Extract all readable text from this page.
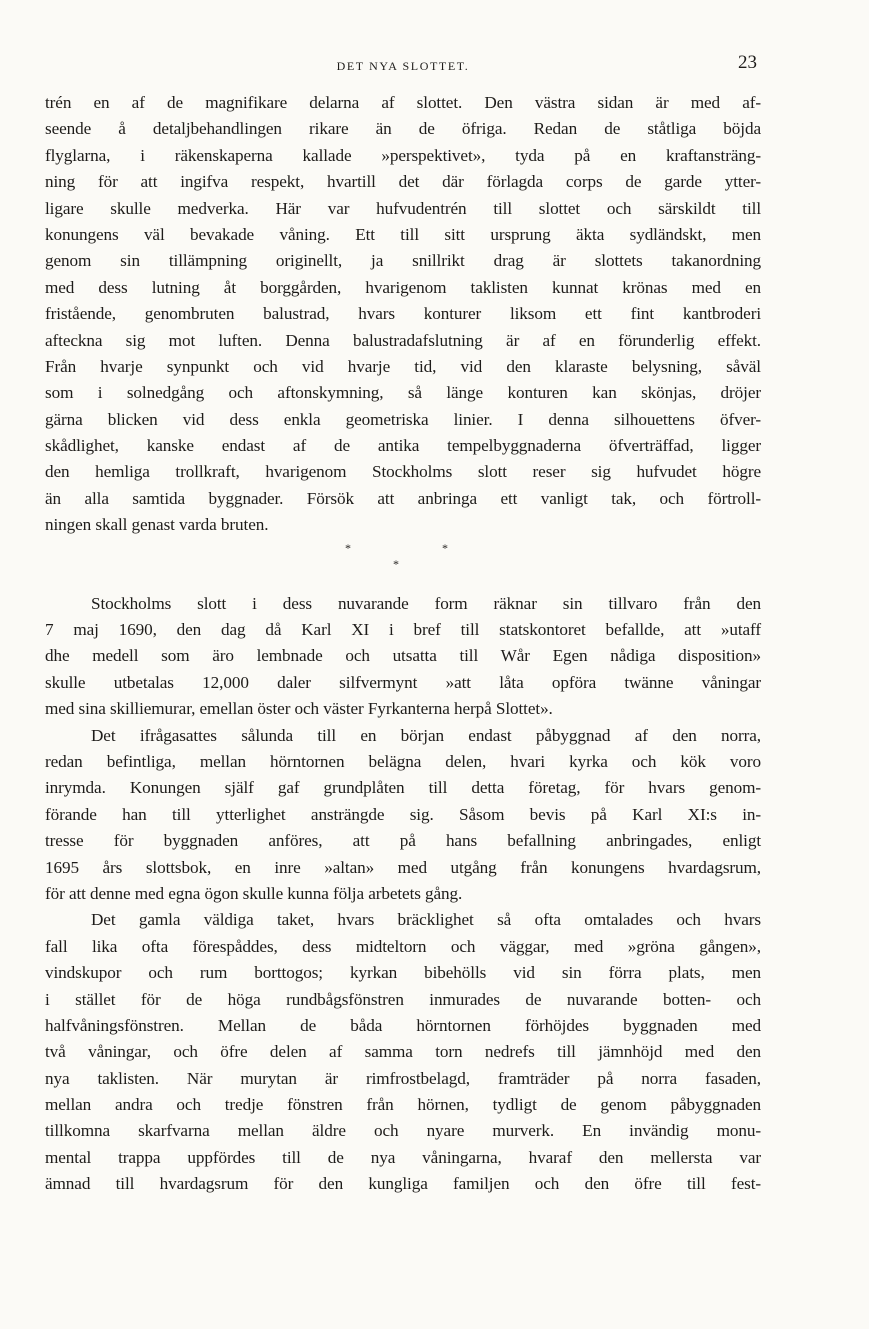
DET NYA SLOTTET.	23
trén en af de magnifikare delarna af slottet. Den västra sidan är med af-
seende å detaljbehandlingen rikare än de öfriga. Redan de ståtliga böjda
flyglarna, i räkenskaperna kallade »perspektivet», tyda på en kraftansträng-
ning för att ingifva respekt, hvartill det där förlagda corps de garde ytter-
ligare skulle medverka. Här var hufvudentrén till slottet och särskildt till
konungens väl bevakade våning. Ett till sitt ursprung äkta sydländskt, men
genom sin tillämpning originellt, ja snillrikt drag är slottets takanordning
med dess lutning åt borggården, hvarigenom taklisten kunnat krönas med en
fristående, genombruten balustrad, hvars konturer liksom ett fint kantbroderi
afteckna sig mot luften. Denna balustradafslutning är af en förunderlig effekt.
Från hvarje synpunkt och vid hvarje tid, vid den klaraste belysning, såväl
som i solnedgång och aftonskymning, så länge konturen kan skönjas, dröjer
gärna blicken vid dess enkla geometriska linier. I denna silhouettens öfver-
skådlighet, kanske endast af de antika tempelbyggnaderna öfverträffad, ligger
den hemliga trollkraft, hvarigenom Stockholms slott reser sig hufvudet högre
än alla samtida byggnader. Försök att anbringa ett vanligt tak, och förtroll-
ningen skall genast varda bruten.
*	*
*
Stockholms slott i dess nuvarande form räknar sin tillvaro från den
7 maj 1690, den dag då Karl XI i bref till statskontoret befallde, att »utaff
dhe medell som äro lembnade och utsatta till Wår Egen nådiga disposition»
skulle utbetalas 12,000 daler silfvermynt »att låta opföra twänne våningar
med sina skilliemurar, emellan öster och väster Fyrkanterna herpå Slottet».
Det ifrågasattes sålunda till en början endast påbyggnad af den norra,
redan befintliga, mellan hörntornen belägna delen, hvari kyrka och kök voro
inrymda. Konungen själf gaf grundplåten till detta företag, för hvars genom-
förande han till ytterlighet ansträngde sig. Såsom bevis på Karl XI:s in-
tresse för byggnaden anföres, att på hans befallning anbringades, enligt
1695 års slottsbok, en inre »altan» med utgång från konungens hvardagsrum,
för att denne med egna ögon skulle kunna följa arbetets gång.
Det gamla väldiga taket, hvars bräcklighet så ofta omtalades och hvars
fall lika ofta förespåddes, dess midteltorn och väggar, med »gröna gången»,
vindskupor och rum borttogos; kyrkan bibehölls vid sin förra plats, men
i stället för de höga rundbågsfönstren inmurades de nuvarande botten- och
halfvåningsfönstren. Mellan de båda hörntornen förhöjdes byggnaden med
två våningar, och öfre delen af samma torn nedrefs till jämnhöjd med den
nya taklisten. När murytan är rimfrostbelagd, framträder på norra fasaden,
mellan andra och tredje fönstren från hörnen, tydligt de genom påbyggnaden
tillkomna skarfvarna mellan äldre och nyare murverk. En invändig monu-
mental trappa uppfördes till de nya våningarna, hvaraf den mellersta var
ämnad till hvardagsrum för den kungliga familjen och den öfre till fest-
